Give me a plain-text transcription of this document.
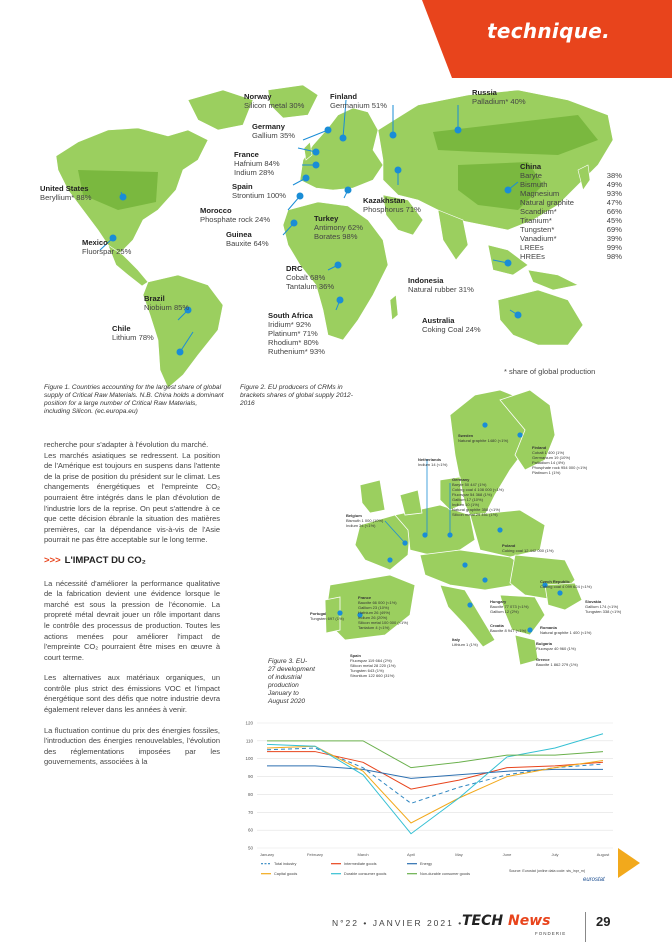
technique.
Norway
Silicon metal 30%
Finland
Germanium 51%
Russia
Palladium* 40%
Germany
Gallium 35%
France
Hafnium 84%
Indium 28%
United States
Beryllium* 88%
Spain
Strontium 100%
Kazakhstan
Phosphorus 71%
Morocco
Phosphate rock 24%	Turkey
Antimony 62%
Borates 98%
Mexico
Fluorspar 25%
Guinea
Bauxite 64%
DRC
Cobalt 68%
Tantalum 36%
Indonesia
Natural rubber 31%
Brazil
Niobium 85%
South Africa
Iridium* 92%
Platinum* 71%
Rhodium* 80%
Ruthenium* 93%
Australia
Coking Coal 24%
Chile
Lithium 78%
China
Baryte	38%
Bismuth	49%
Magnesium	93%
Natural graphite	47%
Scandium*	66%
Titanium*	45%
Tungsten*	69%
Vanadium*	39%
LREEs	99%
HREEs	98%
* share of global production
Figure 1. Countries accounting for the largest share of global supply of Critical Raw Materials. N.B. China holds a dominant position for a large number of Critical Raw Materials, including Silicon. (ec.europa.eu)
Figure 2. EU producers of CRMs in brackets shares of global supply 2012-2016
Figure 3. EU- 27 development of industrial production January to August 2020

recherche pour s'adapter à l'évolution du marché.

Les marchés asiatiques se redressent. La position de l'Amérique est toujours en suspens dans l'attente de la prise de position du président sur le climat. Les changements énergétiques et l'empreinte CO₂ pourraient être intégrés dans le plan d'évolution de l'industrie lors de la reprise. On peut s'attendre à ce que cette décision ébranle la situation des matières premières, car la dépendance vis-à-vis de l'Asie pourrait ne pas être acceptable sur le long terme.

>>> L'IMPACT DU CO₂

La nécessité d'améliorer la performance qualitative de la fabrication devient une évidence lorsque le marché est sous la pression de l'économie. La propreté métal devrait jouer un rôle important dans le contrôle des processus de production. Toutes les actions menées pour améliorer l'impact de l'empreinte CO₂ pourraient être mises en œuvre à court terme.

Les alternatives aux matériaux organiques, un contrôle plus strict des émissions VOC et l'impact énergétique sont des défis que notre industrie devra également relever dans les années à venir.

La fluctuation continue du prix des énergies fossiles, l'introduction des énergies renouvelables, l'évolution des réglementations imposées par les gouvernements, associées à la

Sweden
Natural graphite 1480 (<1%)
Finland
Cobalt 1 400 (1%)
Germanium 19 (10%)
Palladium 14 (4%)
Phosphate rock 954 000 (<1%)
Platinum 1 (1%)
Netherlands
Indium 14 (<1%)
Germany
Baryte 50 447 (1%)
Coking coal 4 108 000 (<1%)
Fluorspar 54 368 (1%)
Gallium 17 (10%)
Indium 10 (1%)
Natural graphite 358 (<1%)
Silicon metal 29 451 (1%)
Belgium
Bismuth 1 000 (10%)
Indium 24 (<1%)
Poland
Coking coal 12 442 000 (1%)
Czech Republic
Coking coal 4 099 624 (<1%)
France
Bauxite 66 000 (<1%)
Gallium 23 (10%)
Hafnium 26 (49%)
Indium 26 (20%)
Silicon metal 100 000 (<1%)
Tantalum 4 (<1%)
Hungary
Bauxite 77 073 (<1%)
Gallium 12 (2%)
Slovakia
Gallium 174 (<1%)
Tungsten 338 (<1%)
Romania
Natural graphite 1 400 (<1%)
Portugal
Tungsten 697 (1%)
Croatia
Bauxite 8 947 (<1%)
Italy
Lithium 1 (1%)	Bulgaria
Fluorspar 40 960 (1%)
Greece
Bauxite 1 862 279 (1%)
Spain
Fluorspar 119 664 (2%)
Silicon metal 28 220 (1%)
Tungsten 643 (1%)
Strontium 122 660 (31%)
50
60
70
80
90
100
110
120
January	February	March	April	May	June	July	August
Total industry	Intermediate goods	Energy
Capital goods	Durable consumer goods	Non-durable consumer goods
Source: Eurostat (online data code: sts_inpr_m)
eurostat
N°22 • JANVIER 2021 •
TECH News
FONDERIE
29
